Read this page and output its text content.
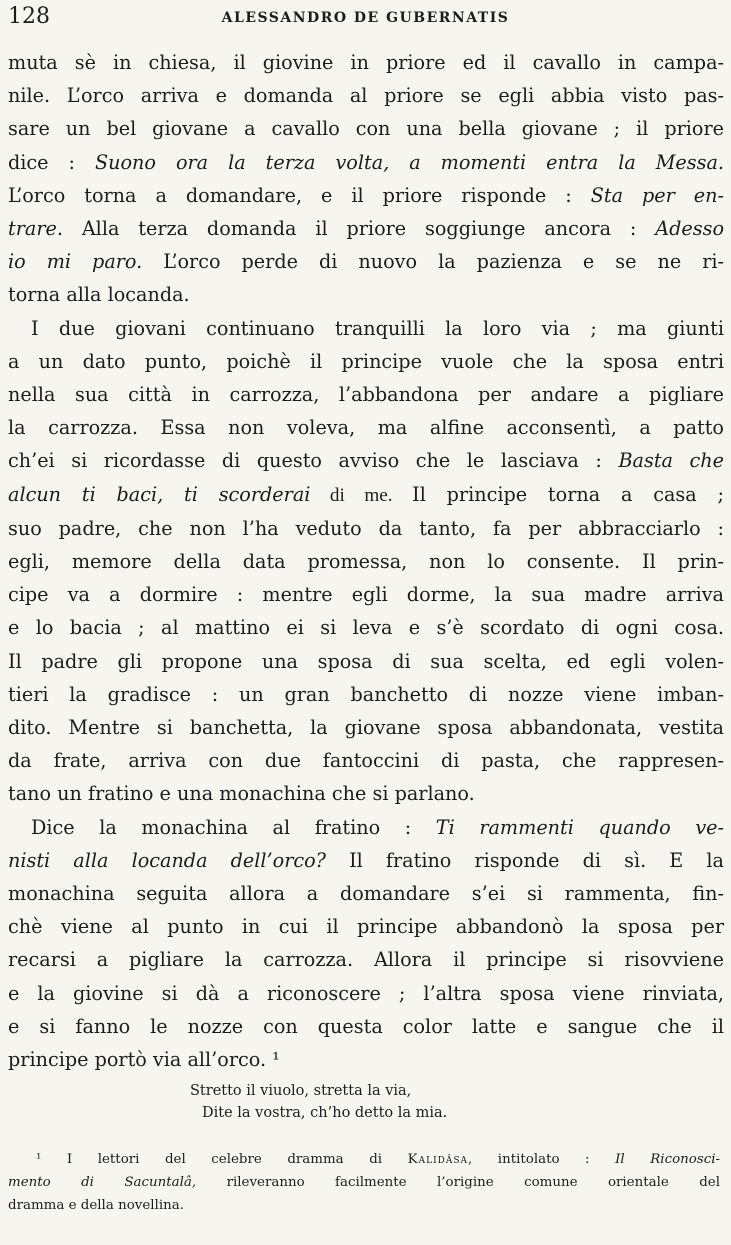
128	ALESSANDRO DE GUBERNATIS

muta sè in chiesa, il giovine in priore ed il cavallo in campa-
nile. L’orco arriva e domanda al priore se egli abbia visto pas-
sare un bel giovane a cavallo con una bella giovane ; il priore
dice : Suono ora la terza volta, a momenti entra la Messa.
L’orco torna a domandare, e il priore risponde : Sta per en-
trare. Alla terza domanda il priore soggiunge ancora : Adesso
io mi paro. L’orco perde di nuovo la pazienza e se ne ri-
torna alla locanda.

I due giovani continuano tranquilli la loro via ; ma giunti
a un dato punto, poichè il principe vuole che la sposa entri
nella sua città in carrozza, l’abbandona per andare a pigliare
la carrozza. Essa non voleva, ma alfine acconsentì, a patto
ch’ei si ricordasse di questo avviso che le lasciava : Basta che
alcun ti baci, ti scorderai di me. Il principe torna a casa ;
suo padre, che non l’ha veduto da tanto, fa per abbracciarlo :
egli, memore della data promessa, non lo consente. Il prin-
cipe va a dormire : mentre egli dorme, la sua madre arriva
e lo bacia ; al mattino ei si leva e s’è scordato di ogni cosa.
Il padre gli propone una sposa di sua scelta, ed egli volen-
tieri la gradisce : un gran banchetto di nozze viene imban-
dito. Mentre si banchetta, la giovane sposa abbandonata, vestita
da frate, arriva con due fantoccini di pasta, che rappresen-
tano un fratino e una monachina che si parlano.

Dice la monachina al fratino : Ti rammenti quando ve-
nisti alla locanda dell’orco? Il fratino risponde di sì. E la
monachina seguita allora a domandare s’ei si rammenta, fin-
chè viene al punto in cui il principe abbandonò la sposa per
recarsi a pigliare la carrozza. Allora il principe si risovviene
e la giovine si dà a riconoscere ; l’altra sposa viene rinviata,
e si fanno le nozze con questa color latte e sangue che il
principe portò via all’orco. ¹

Stretto il viuolo, stretta la via,
Dite la vostra, ch’ho detto la mia.
¹ I lettori del celebre dramma di Kalidâsa, intitolato : Il Riconosci-
mento di Sacuntalâ, rileveranno facilmente l’origine comune orientale del
dramma e della novellina.
